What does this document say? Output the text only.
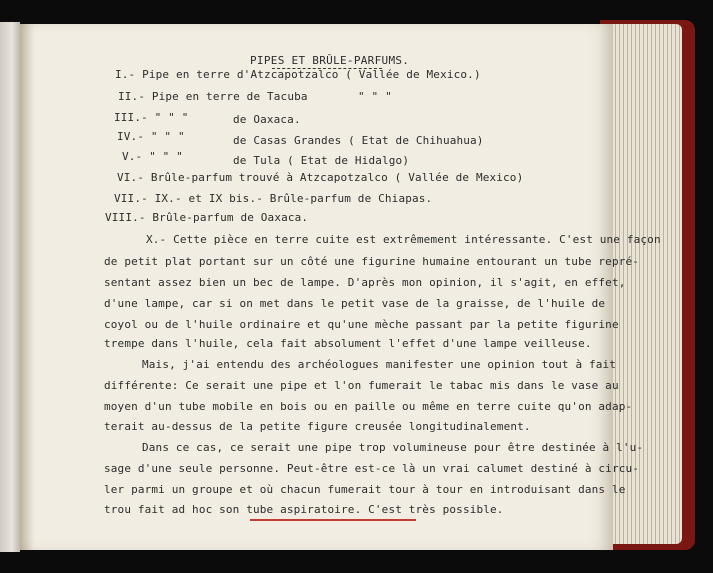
PIPES ET BRÛLE-PARFUMS.
I.- Pipe en terre d'Atzcapotzalco ( Vallée de Mexico.)
II.- Pipe en terre de Tacuba	" " "
III.- " " "	de Oaxaca.
IV.- " " "	de Casas Grandes ( Etat de Chihuahua)
V.- " " "	de Tula ( Etat de Hidalgo)
VI.- Brûle-parfum trouvé à Atzcapotzalco ( Vallée de Mexico)
VII.- IX.- et IX bis.- Brûle-parfum de Chiapas.
VIII.- Brûle-parfum de Oaxaca.
X.- Cette pièce en terre cuite est extrêmement intéressante. C'est une façon
de petit plat portant sur un côté une figurine humaine entourant un tube repré-
sentant assez bien un bec de lampe. D'après mon opinion, il s'agit, en effet,
d'une lampe, car si on met dans le petit vase de la graisse, de l'huile de
coyol ou de l'huile ordinaire et qu'une mèche passant par la petite figurine
trempe dans l'huile, cela fait absolument l'effet d'une lampe veilleuse.
Mais, j'ai entendu des archéologues manifester une opinion tout à fait
différente: Ce serait une pipe et l'on fumerait le tabac mis dans le vase au
moyen d'un tube mobile en bois ou en paille ou même en terre cuite qu'on adap-
terait au-dessus de la petite figure creusée longitudinalement.
Dans ce cas, ce serait une pipe trop volumineuse pour être destinée à l'u-
sage d'une seule personne. Peut-être est-ce là un vrai calumet destiné à circu-
ler parmi un groupe et où chacun fumerait tour à tour en introduisant dans le
trou fait ad hoc son tube aspiratoire. C'est très possible.
